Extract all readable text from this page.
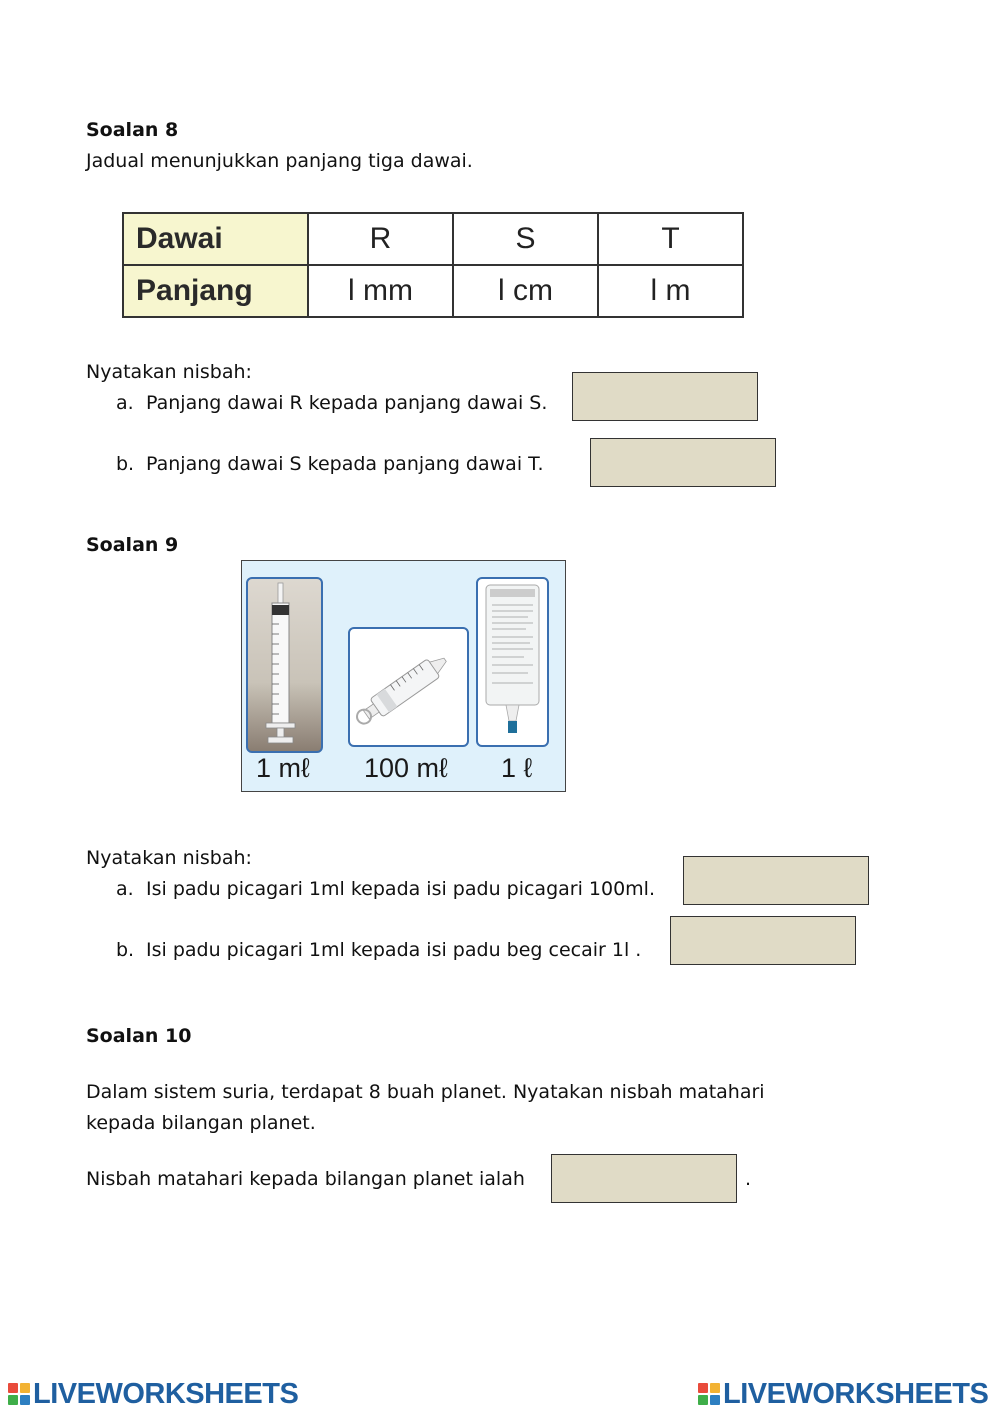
Soalan 8
Jadual menunjukkan panjang tiga dawai.
Dawai	R	S	T
Panjang	l mm	l cm	l m
Nyatakan nisbah:
a. Panjang dawai R kepada panjang dawai S.
b. Panjang dawai S kepada panjang dawai T.
Soalan 9
1 mℓ 100 mℓ 1 ℓ
Nyatakan nisbah:
a. Isi padu picagari 1ml kepada isi padu picagari 100ml.
b. Isi padu picagari 1ml kepada isi padu beg cecair 1l .
Soalan 10
Dalam sistem suria, terdapat 8 buah planet. Nyatakan nisbah matahari
kepada bilangan planet.
Nisbah matahari kepada bilangan planet ialah	.
LIVEWORKSHEETS	LIVEWORKSHEETS
